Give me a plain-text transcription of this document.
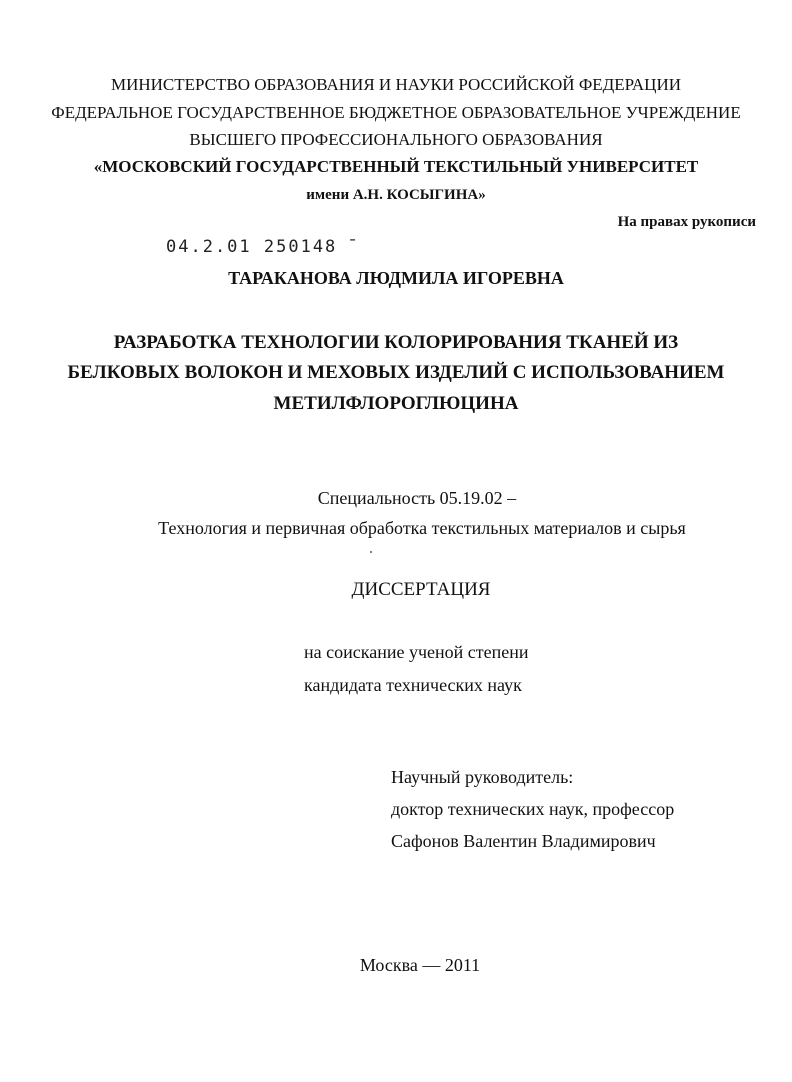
МИНИСТЕРСТВО ОБРАЗОВАНИЯ И НАУКИ РОССИЙСКОЙ ФЕДЕРАЦИИ
ФЕДЕРАЛЬНОЕ ГОСУДАРСТВЕННОЕ БЮДЖЕТНОЕ ОБРАЗОВАТЕЛЬНОЕ УЧРЕЖДЕНИЕ
ВЫСШЕГО ПРОФЕССИОНАЛЬНОГО ОБРАЗОВАНИЯ
«МОСКОВСКИЙ ГОСУДАРСТВЕННЫЙ ТЕКСТИЛЬНЫЙ УНИВЕРСИТЕТ
имени А.Н. КОСЫГИНА»
На правах рукописи
04.2.01 250148 ̄
ТАРАКАНОВА ЛЮДМИЛА ИГОРЕВНА
РАЗРАБОТКА ТЕХНОЛОГИИ КОЛОРИРОВАНИЯ ТКАНЕЙ ИЗ
БЕЛКОВЫХ ВОЛОКОН И МЕХОВЫХ ИЗДЕЛИЙ С ИСПОЛЬЗОВАНИЕМ
МЕТИЛФЛОРОГЛЮЦИНА
Специальность 05.19.02 –
Технология и первичная обработка текстильных материалов и сырья
ДИССЕРТАЦИЯ
на соискание ученой степени
кандидата технических наук
Научный руководитель:
доктор технических наук, профессор
Сафонов Валентин Владимирович
Москва — 2011
